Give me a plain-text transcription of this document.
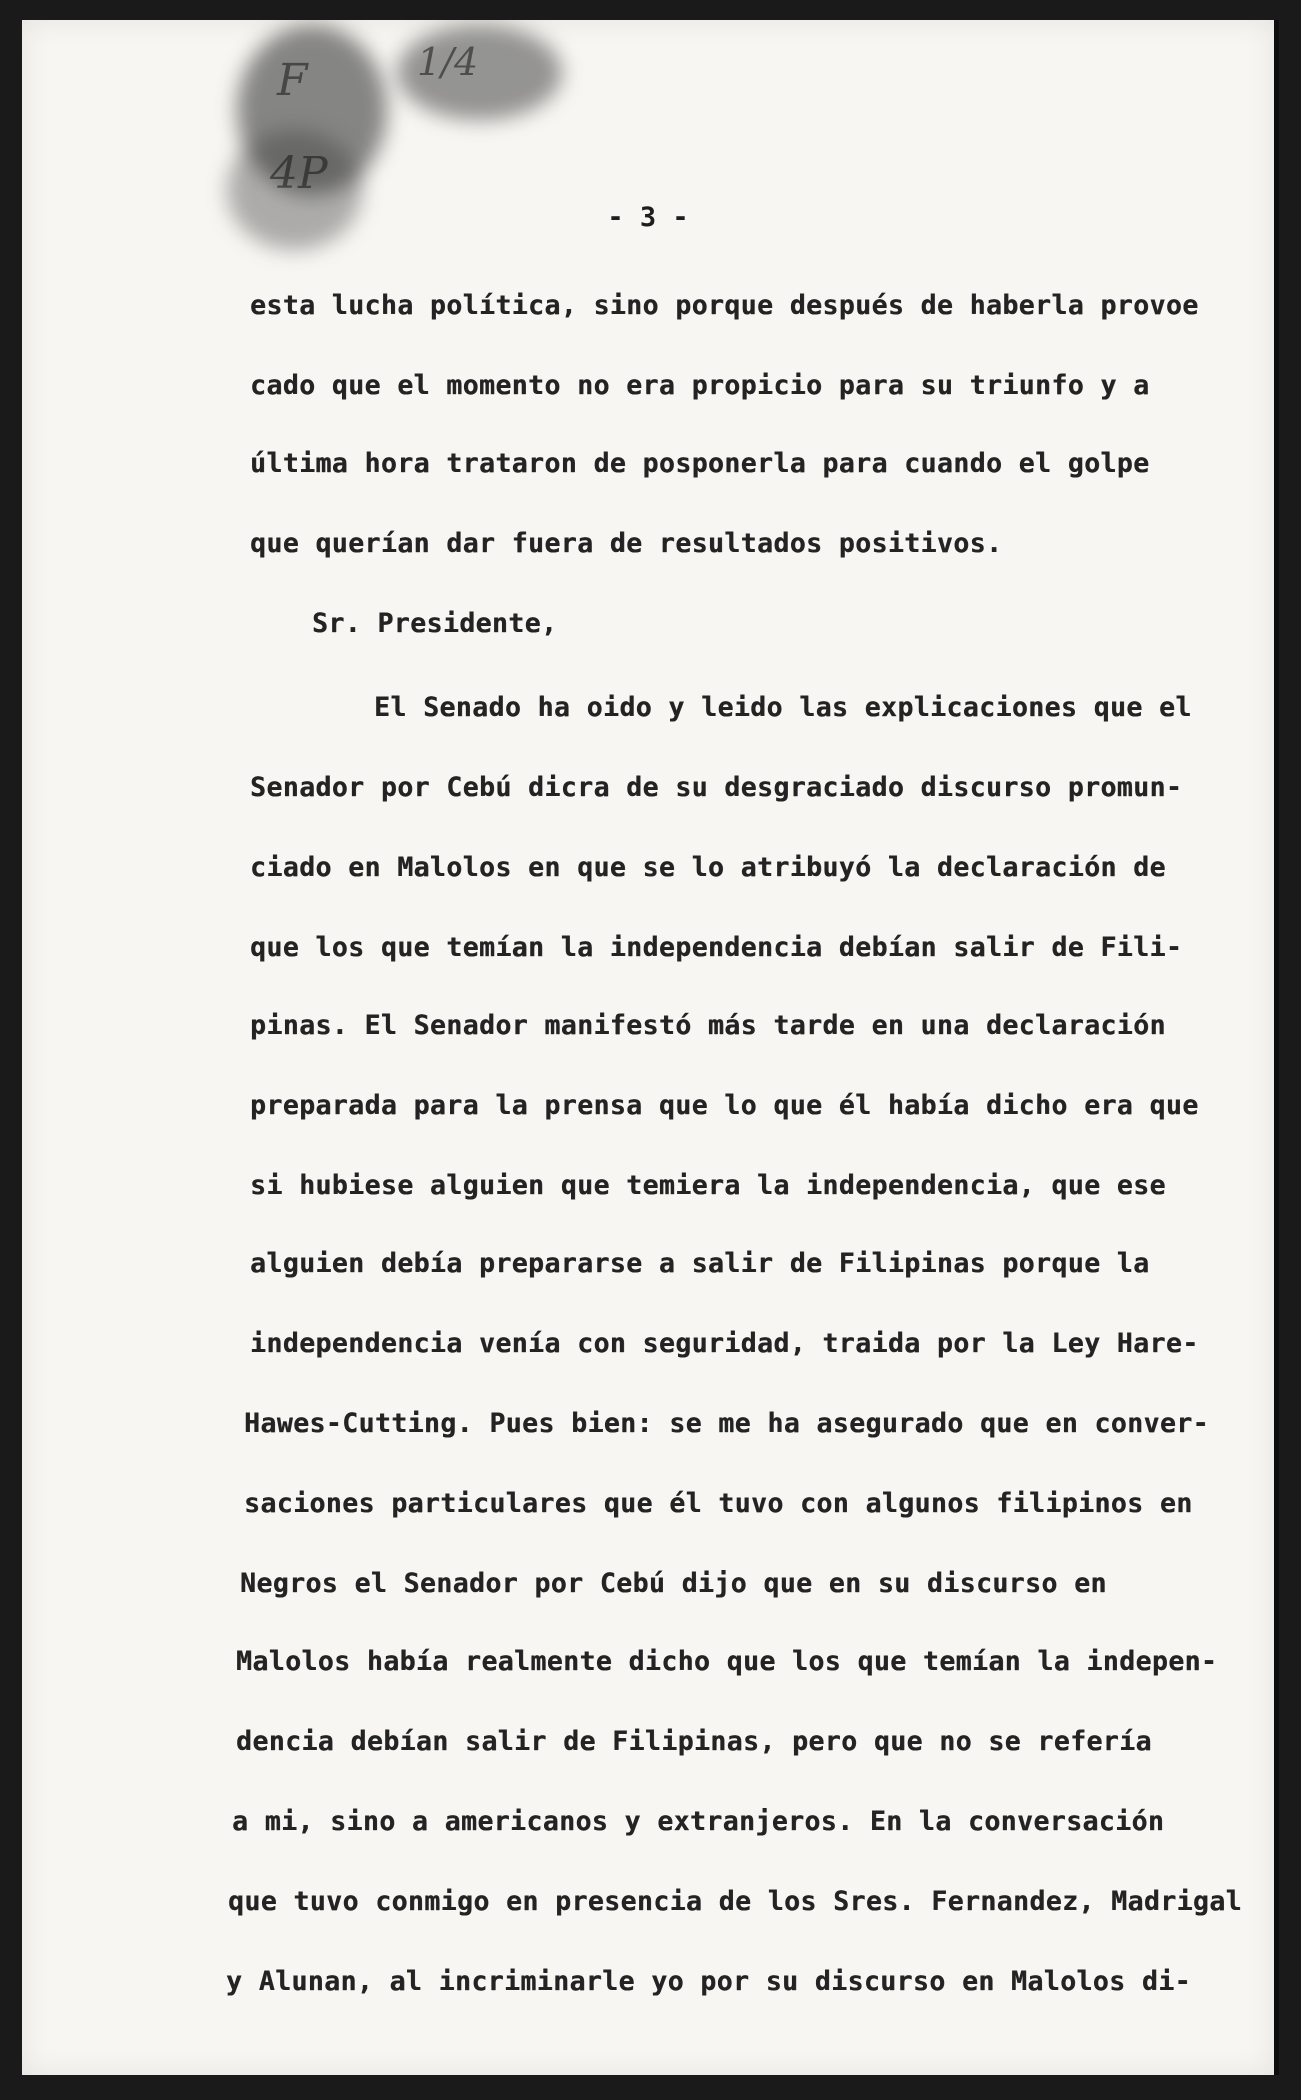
F	1/4
4P
- 3 -
esta lucha política, sino porque después de haberla provoe
cado que el momento no era propicio para su triunfo y a
última hora trataron de posponerla para cuando el golpe
que querían dar fuera de resultados positivos.
Sr. Presidente,
El Senado ha oido y leido las explicaciones que el
Senador por Cebú dicra de su desgraciado discurso promun-
ciado en Malolos en que se lo atribuyó la declaración de
que los que temían la independencia debían salir de Fili-
pinas. El Senador manifestó más tarde en una declaración
preparada para la prensa que lo que él había dicho era que
si hubiese alguien que temiera la independencia, que ese
alguien debía prepararse a salir de Filipinas porque la
independencia venía con seguridad, traida por la Ley Hare-
Hawes-Cutting. Pues bien: se me ha asegurado que en conver-
saciones particulares que él tuvo con algunos filipinos en
Negros el Senador por Cebú dijo que en su discurso en
Malolos había realmente dicho que los que temían la indepen-
dencia debían salir de Filipinas, pero que no se refería
a mi, sino a americanos y extranjeros. En la conversación
que tuvo conmigo en presencia de los Sres. Fernandez, Madrigal
y Alunan, al incriminarle yo por su discurso en Malolos di-
